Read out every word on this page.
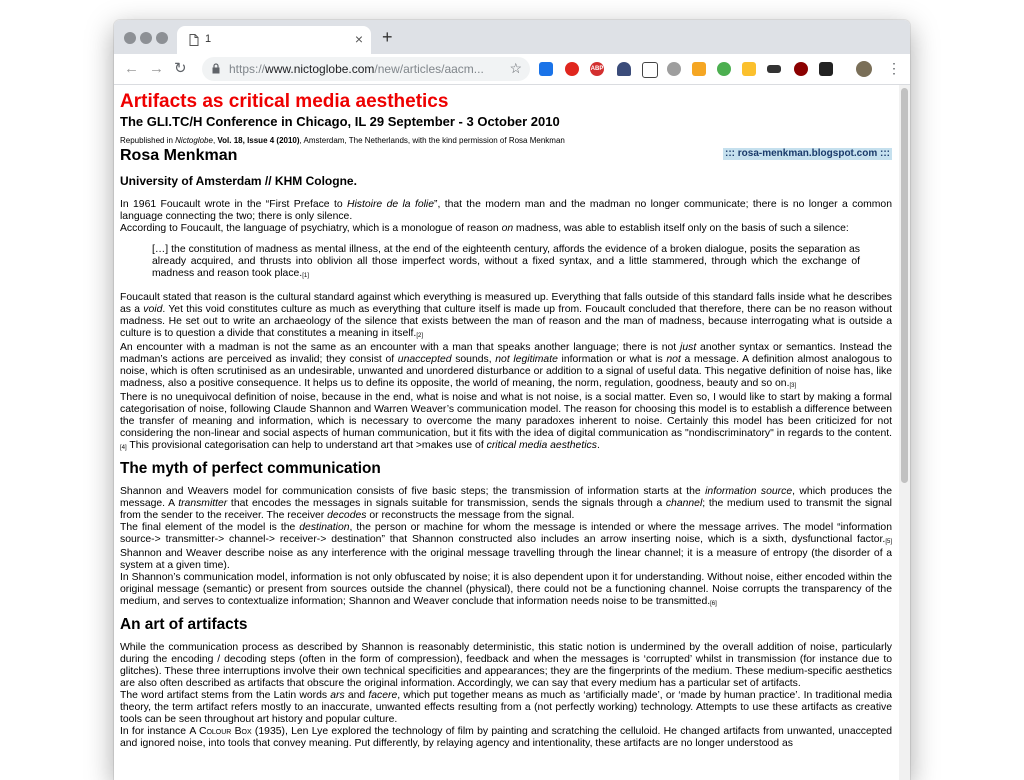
1	× +
← → ↻	https://www.nictoglobe.com/new/articles/aacm... ☆	ABP	⋮
Artifacts as critical media aesthetics
The GLI.TC/H Conference in Chicago, IL 29 September - 3 October 2010
Republished in Nictoglobe, Vol. 18, Issue 4 (2010), Amsterdam, The Netherlands, with the kind permission of Rosa Menkman
Rosa Menkman	::: rosa-menkman.blogspot.com :::
University of Amsterdam // KHM Cologne.

In 1961 Foucault wrote in the “First Preface to Histoire de la folie”, that the modern man and the madman no longer communicate; there is no longer a common language connecting the two; there is only silence.

According to Foucault, the language of psychiatry, which is a monologue of reason on madness, was able to establish itself only on the basis of such a silence:

[…] the constitution of madness as mental illness, at the end of the eighteenth century, affords the evidence of a broken dialogue, posits the separation as already acquired, and thrusts into oblivion all those imperfect words, without a fixed syntax, and a little stammered, through which the exchange of madness and reason took place.[1]

Foucault stated that reason is the cultural standard against which everything is measured up. Everything that falls outside of this standard falls inside what he describes as a void. Yet this void constitutes culture as much as everything that culture itself is made up from. Foucault concluded that therefore, there can be no reason without madness. He set out to write an archaeology of the silence that exists between the man of reason and the man of madness, because interrogating what is outside a culture is to question a divide that constitutes a meaning in itself.[2]

An encounter with a madman is not the same as an encounter with a man that speaks another language; there is not just another syntax or semantics. Instead the madman’s actions are perceived as invalid; they consist of unaccepted sounds, not legitimate information or what is not a message. A definition almost analogous to noise, which is often scrutinised as an undesirable, unwanted and unordered disturbance or addition to a signal of useful data. This negative definition of noise has, like madness, also a positive consequence. It helps us to define its opposite, the world of meaning, the norm, regulation, goodness, beauty and so on.[3]

There is no unequivocal definition of noise, because in the end, what is noise and what is not noise, is a social matter. Even so, I would like to start by making a formal categorisation of noise, following Claude Shannon and Warren Weaver’s communication model. The reason for choosing this model is to establish a difference between the transfer of meaning and information, which is necessary to overcome the many paradoxes inherent to noise. Certainly this model has been criticized for not considering the non-linear and social aspects of human communication, but it fits with the idea of digital communication as "nondiscriminatory" in regards to the content.[4] This provisional categorisation can help to understand art that >makes use of critical media aesthetics.

The myth of perfect communication

Shannon and Weavers model for communication consists of five basic steps; the transmission of information starts at the information source, which produces the message. A transmitter that encodes the messages in signals suitable for transmission, sends the signals through a channel; the medium used to transmit the signal from the sender to the receiver. The receiver decodes or reconstructs the message from the signal.

The final element of the model is the destination, the person or machine for whom the message is intended or where the message arrives. The model “information source-> transmitter-> channel-> receiver-> destination” that Shannon constructed also includes an arrow inserting noise, which is a sixth, dysfunctional factor.[5] Shannon and Weaver describe noise as any interference with the original message travelling through the linear channel; it is a measure of entropy (the disorder of a system at a given time).

In Shannon’s communication model, information is not only obfuscated by noise; it is also dependent upon it for understanding. Without noise, either encoded within the original message (semantic) or present from sources outside the channel (physical), there could not be a functioning channel. Noise corrupts the transparency of the medium, and serves to contextualize information; Shannon and Weaver conclude that information needs noise to be transmitted.[6]

An art of artifacts

While the communication process as described by Shannon is reasonably deterministic, this static notion is undermined by the overall addition of noise, particularly during the encoding / decoding steps (often in the form of compression), feedback and when the messages is ‘corrupted’ whilst in transmission (for instance due to glitches). These three interruptions involve their own technical specificities and appearances; they are the fingerprints of the medium. These medium-specific aesthetics are also often described as artifacts that obscure the original information. Accordingly, we can say that every medium has a particular set of artifacts.

The word artifact stems from the Latin words ars and facere, which put together means as much as ‘artificially made’, or ‘made by human practice’. In traditional media theory, the term artifact refers mostly to an inaccurate, unwanted effects resulting from a (not perfectly working) technology. Attempts to use these artifacts as creative tools can be seen throughout art history and popular culture.

In for instance A Colour Box (1935), Len Lye explored the technology of film by painting and scratching the celluloid. He changed artifacts from unwanted, unaccepted and ignored noise, into tools that convey meaning. Put differently, by relaying agency and intentionality, these artifacts are no longer understood as
